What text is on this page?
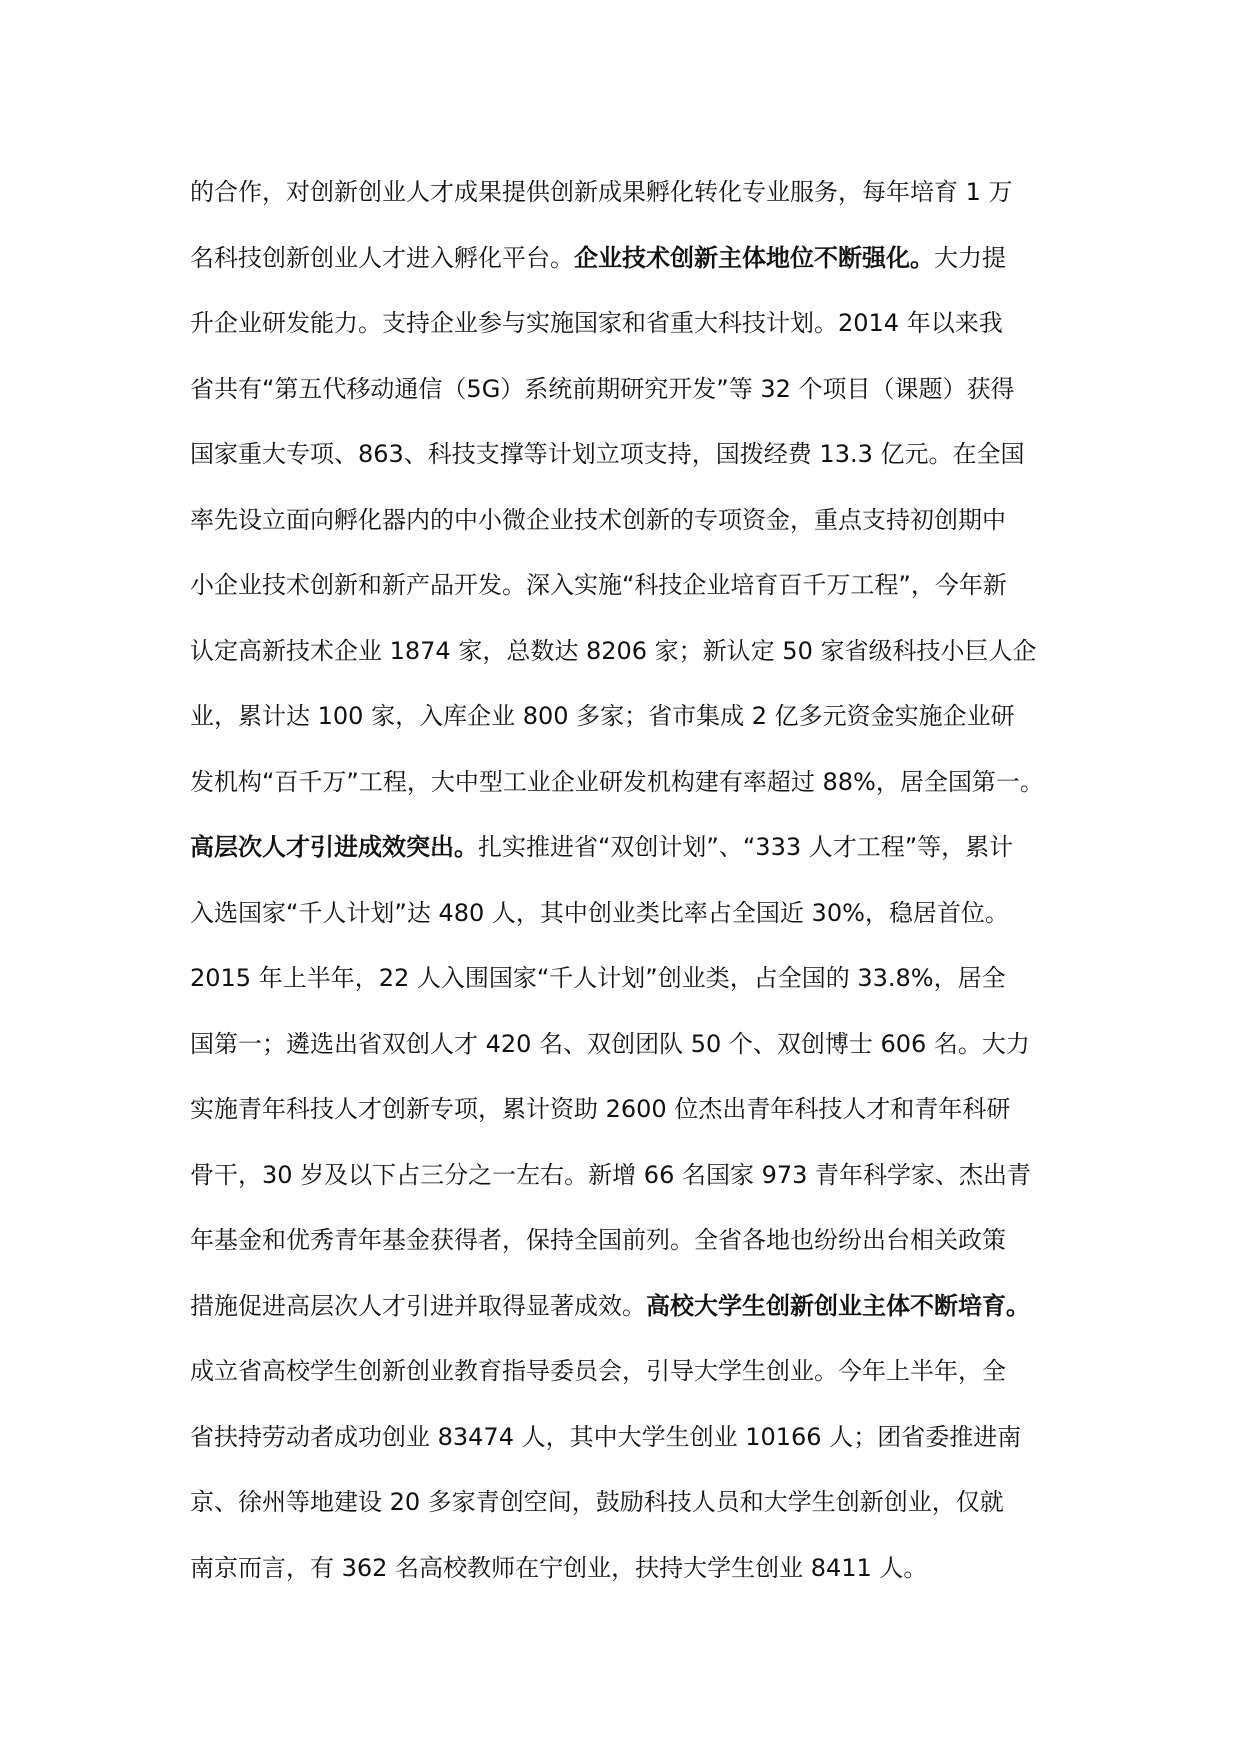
的合作，对创新创业人才成果提供创新成果孵化转化专业服务，每年培育 1 万
名科技创新创业人才进入孵化平台。企业技术创新主体地位不断强化。大力提
升企业研发能力。支持企业参与实施国家和省重大科技计划。2014 年以来我
省共有“第五代移动通信（5G）系统前期研究开发”等 32 个项目（课题）获得
国家重大专项、863、科技支撑等计划立项支持，国拨经费 13.3 亿元。在全国
率先设立面向孵化器内的中小微企业技术创新的专项资金，重点支持初创期中
小企业技术创新和新产品开发。深入实施“科技企业培育百千万工程”，今年新
认定高新技术企业 1874 家，总数达 8206 家；新认定 50 家省级科技小巨人企
业，累计达 100 家，入库企业 800 多家；省市集成 2 亿多元资金实施企业研
发机构“百千万”工程，大中型工业企业研发机构建有率超过 88%，居全国第一。
高层次人才引进成效突出。扎实推进省“双创计划”、“333 人才工程”等，累计
入选国家“千人计划”达 480 人，其中创业类比率占全国近 30%，稳居首位。
2015 年上半年，22 人入围国家“千人计划”创业类，占全国的 33.8%，居全
国第一；遴选出省双创人才 420 名、双创团队 50 个、双创博士 606 名。大力
实施青年科技人才创新专项，累计资助 2600 位杰出青年科技人才和青年科研
骨干，30 岁及以下占三分之一左右。新增 66 名国家 973 青年科学家、杰出青
年基金和优秀青年基金获得者，保持全国前列。全省各地也纷纷出台相关政策
措施促进高层次人才引进并取得显著成效。高校大学生创新创业主体不断培育。
成立省高校学生创新创业教育指导委员会，引导大学生创业。今年上半年，全
省扶持劳动者成功创业 83474 人，其中大学生创业 10166 人；团省委推进南
京、徐州等地建设 20 多家青创空间，鼓励科技人员和大学生创新创业，仅就
南京而言，有 362 名高校教师在宁创业，扶持大学生创业 8411 人。
